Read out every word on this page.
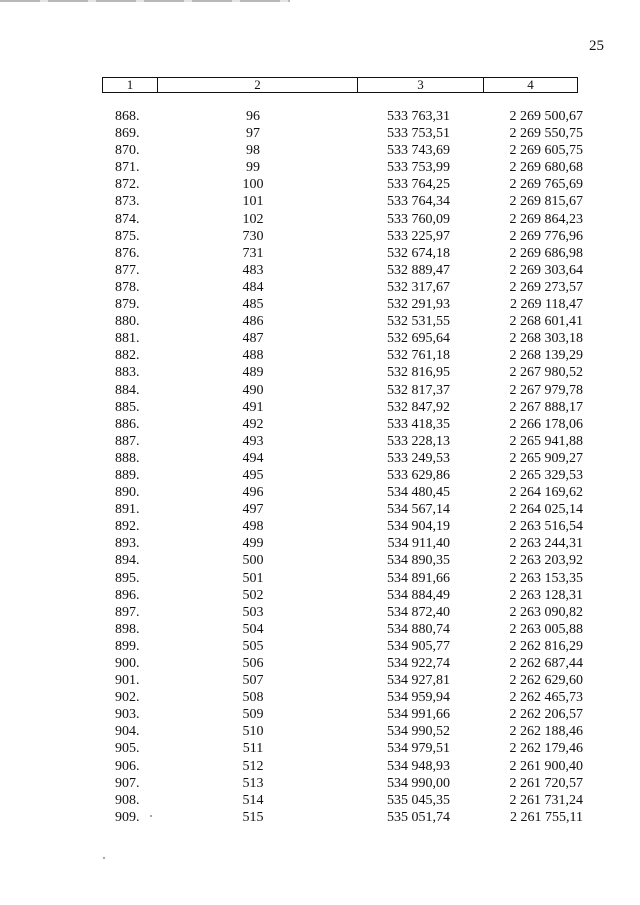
25
1	2	3	4
868.	96	533 763,31	2 269 500,67
869.	97	533 753,51	2 269 550,75
870.	98	533 743,69	2 269 605,75
871.	99	533 753,99	2 269 680,68
872.	100	533 764,25	2 269 765,69
873.	101	533 764,34	2 269 815,67
874.	102	533 760,09	2 269 864,23
875.	730	533 225,97	2 269 776,96
876.	731	532 674,18	2 269 686,98
877.	483	532 889,47	2 269 303,64
878.	484	532 317,67	2 269 273,57
879.	485	532 291,93	2 269 118,47
880.	486	532 531,55	2 268 601,41
881.	487	532 695,64	2 268 303,18
882.	488	532 761,18	2 268 139,29
883.	489	532 816,95	2 267 980,52
884.	490	532 817,37	2 267 979,78
885.	491	532 847,92	2 267 888,17
886.	492	533 418,35	2 266 178,06
887.	493	533 228,13	2 265 941,88
888.	494	533 249,53	2 265 909,27
889.	495	533 629,86	2 265 329,53
890.	496	534 480,45	2 264 169,62
891.	497	534 567,14	2 264 025,14
892.	498	534 904,19	2 263 516,54
893.	499	534 911,40	2 263 244,31
894.	500	534 890,35	2 263 203,92
895.	501	534 891,66	2 263 153,35
896.	502	534 884,49	2 263 128,31
897.	503	534 872,40	2 263 090,82
898.	504	534 880,74	2 263 005,88
899.	505	534 905,77	2 262 816,29
900.	506	534 922,74	2 262 687,44
901.	507	534 927,81	2 262 629,60
902.	508	534 959,94	2 262 465,73
903.	509	534 991,66	2 262 206,57
904.	510	534 990,52	2 262 188,46
905.	511	534 979,51	2 262 179,46
906.	512	534 948,93	2 261 900,40
907.	513	534 990,00	2 261 720,57
908.	514	535 045,35	2 261 731,24
909.	515	535 051,74	2 261 755,11
